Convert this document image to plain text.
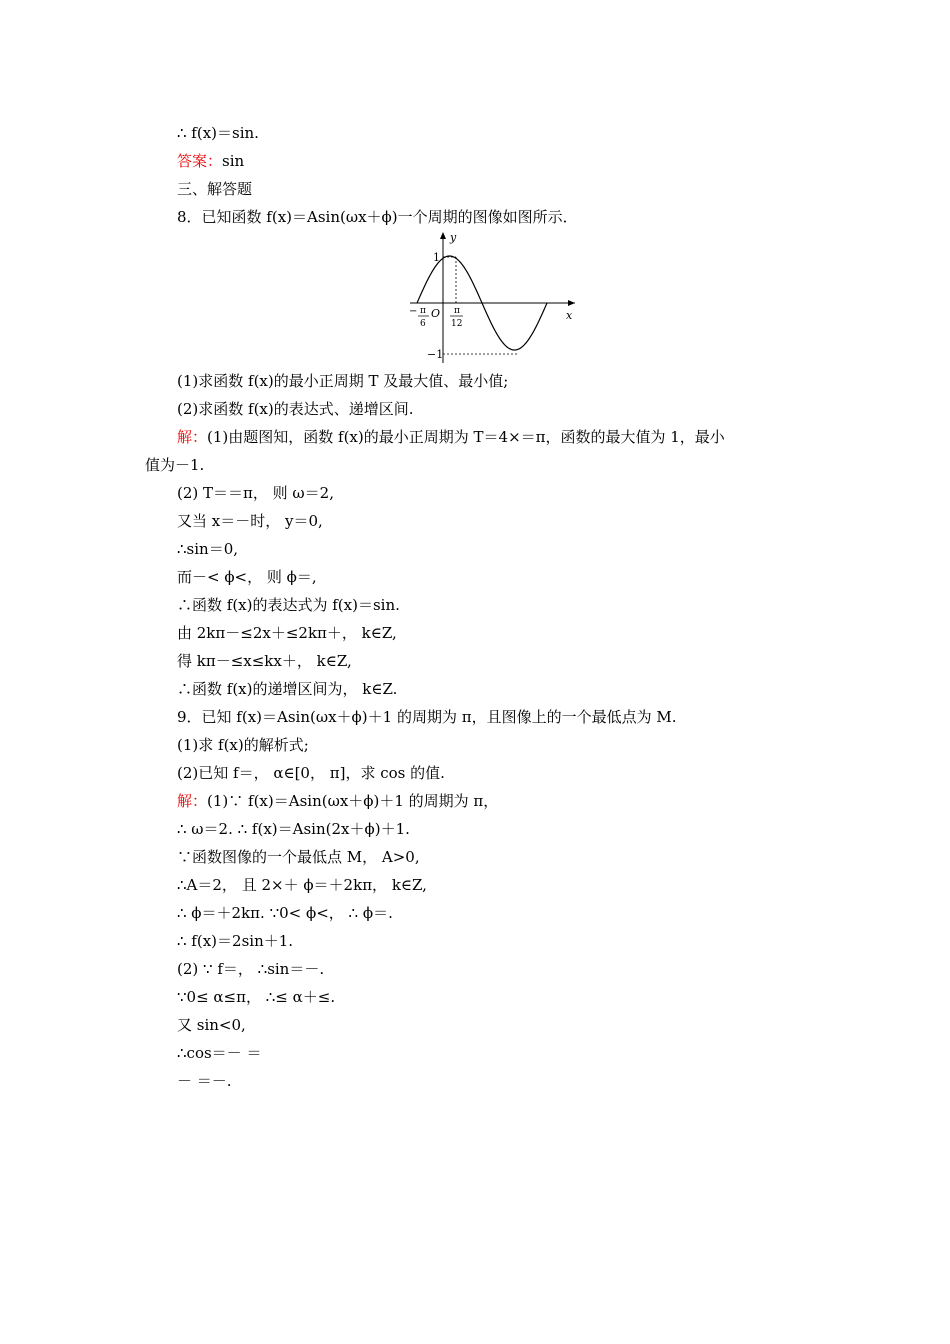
∴ f(x)＝sin.
答案：sin
三、解答题
8．已知函数 f(x)＝Asin(ωx＋ϕ)一个周期的图像如图所示．
x
y
O
1
−1
− π
6
π
12
(1)求函数 f(x)的最小正周期 T 及最大值、最小值;
(2)求函数 f(x)的表达式、递增区间.
解：(1)由题图知，函数 f(x)的最小正周期为 T＝4×＝π，函数的最大值为 1，最小
值为－1.
(2) T＝＝π， 则 ω＝2,
又当 x＝－时， y＝0,
∴sin＝0,
而－< ϕ<， 则 ϕ＝,
∴函数 f(x)的表达式为 f(x)＝sin.
由 2kπ－≤2x＋≤2kπ＋， k∈Z,
得 kπ－≤x≤kx＋， k∈Z,
∴函数 f(x)的递增区间为， k∈Z.
9．已知 f(x)＝Asin(ωx＋ϕ)＋1 的周期为 π，且图像上的一个最低点为 M.
(1)求 f(x)的解析式;
(2)已知 f＝， α∈[0， π]，求 cos 的值.
解：(1)∵ f(x)＝Asin(ωx＋ϕ)＋1 的周期为 π，
∴ ω＝2. ∴ f(x)＝Asin(2x＋ϕ)＋1.
∵函数图像的一个最低点 M， A>0,
∴A＝2， 且 2×＋ ϕ＝＋2kπ， k∈Z,
∴ ϕ＝＋2kπ. ∵0< ϕ<， ∴ ϕ＝.
∴ f(x)＝2sin＋1.
(2) ∵ f＝， ∴sin＝－.
∵0≤ α≤π， ∴≤ α＋≤.
又 sin<0,
∴cos＝－ ＝
－ ＝－.
